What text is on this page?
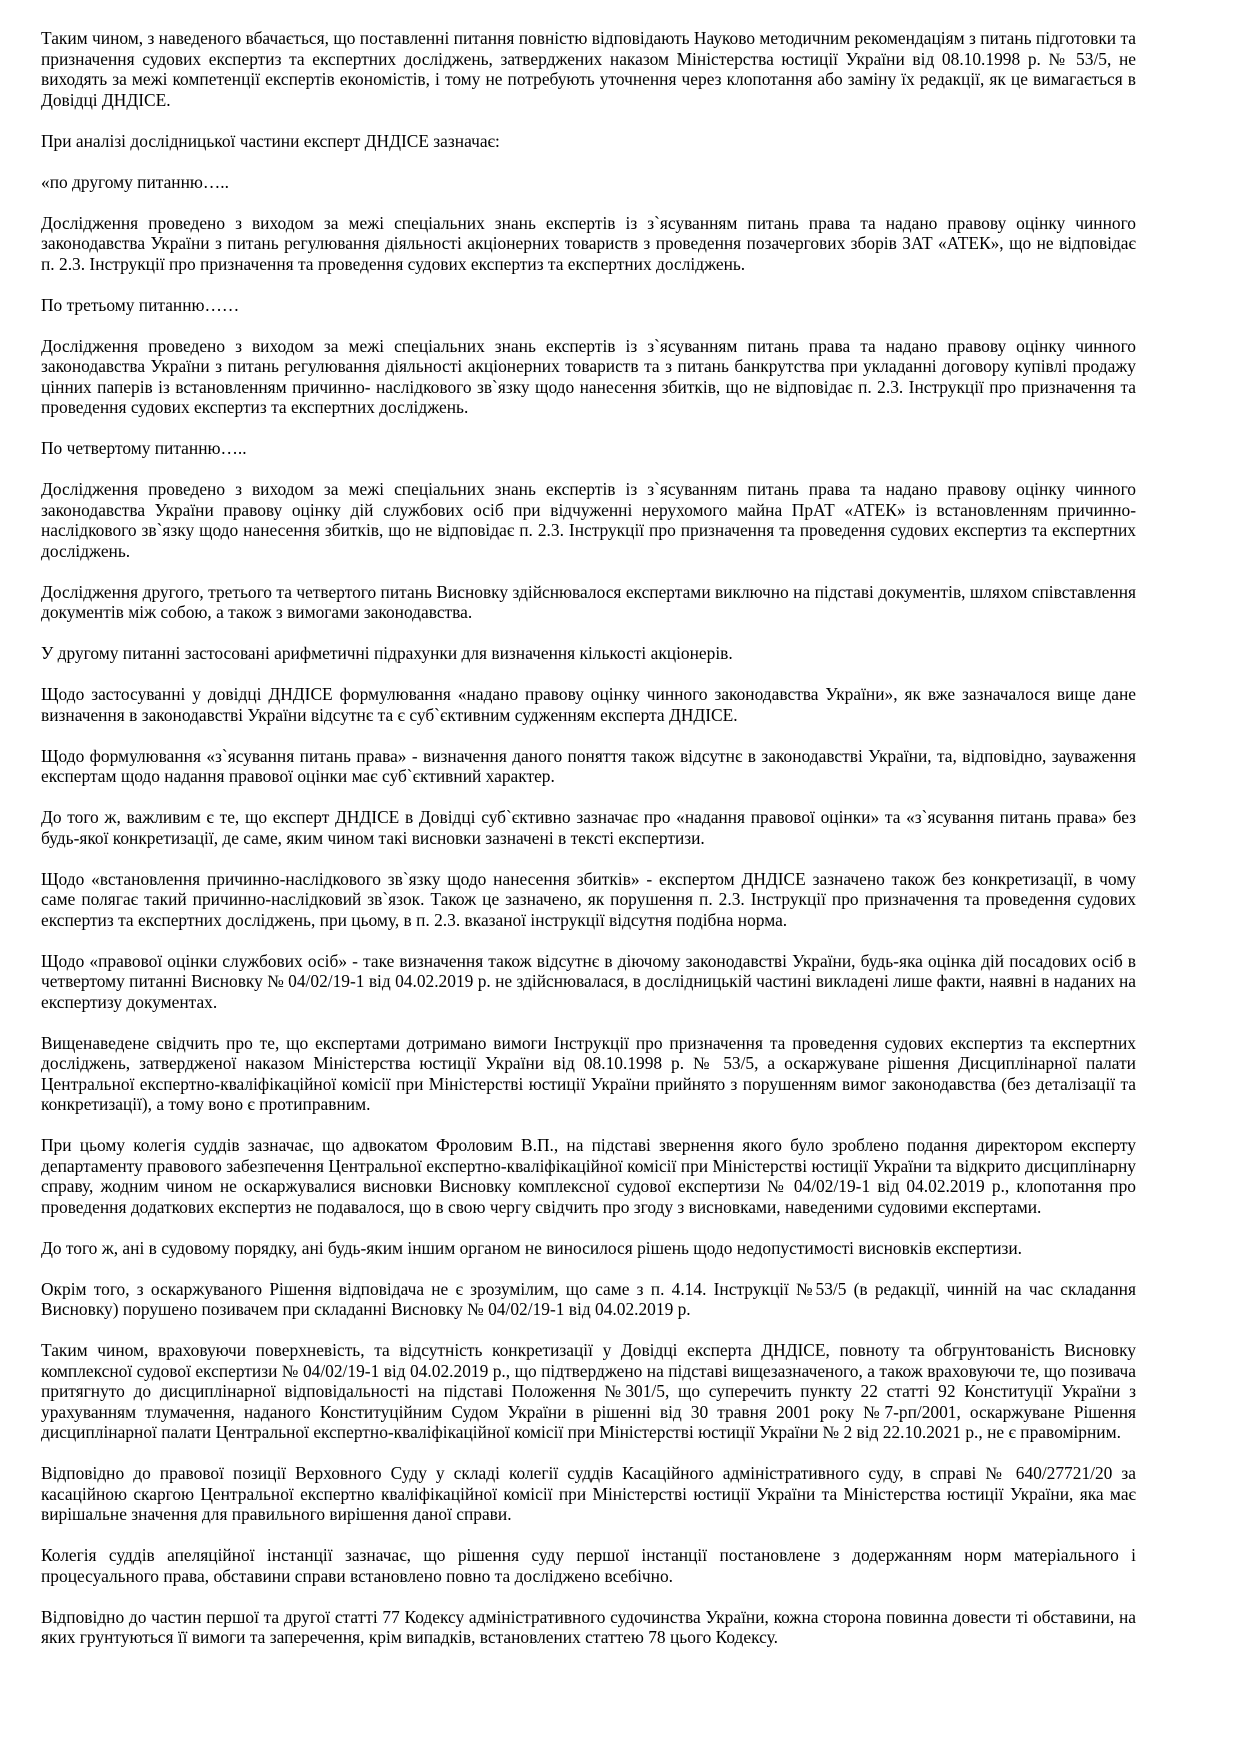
Таким чином, з наведеного вбачається, що поставленні питання повністю відповідають Науково методичним рекомендаціям з питань підготовки та призначення судових експертиз та експертних досліджень, затверджених наказом Міністерства юстиції України від 08.10.1998 р. № 53/5, не виходять за межі компетенції експертів економістів, і тому не потребують уточнення через клопотання або заміну їх редакції, як це вимагається в Довідці ДНДІСЕ.

При аналізі дослідницької частини експерт ДНДІСЕ зазначає:

«по другому питанню…..

Дослідження проведено з виходом за межі спеціальних знань експертів із з`ясуванням питань права та надано правову оцінку чинного законодавства України з питань регулювання діяльності акціонерних товариств з проведення позачергових зборів ЗАТ «АТЕК», що не відповідає п. 2.3. Інструкції про призначення та проведення судових експертиз та експертних досліджень.

По третьому питанню……

Дослідження проведено з виходом за межі спеціальних знань експертів із з`ясуванням питань права та надано правову оцінку чинного законодавства України з питань регулювання діяльності акціонерних товариств та з питань банкрутства при укладанні договору купівлі продажу цінних паперів із встановленням причинно- наслідкового зв`язку щодо нанесення збитків, що не відповідає п. 2.3. Інструкції про призначення та проведення судових експертиз та експертних досліджень.

По четвертому питанню…..

Дослідження проведено з виходом за межі спеціальних знань експертів із з`ясуванням питань права та надано правову оцінку чинного законодавства України правову оцінку дій службових осіб при відчуженні нерухомого майна ПрАТ «АТЕК» із встановленням причинно- наслідкового зв`язку щодо нанесення збитків, що не відповідає п. 2.3. Інструкції про призначення та проведення судових експертиз та експертних досліджень.

Дослідження другого, третього та четвертого питань Висновку здійснювалося експертами виключно на підставі документів, шляхом співставлення документів між собою, а також з вимогами законодавства.

У другому питанні застосовані арифметичні підрахунки для визначення кількості акціонерів.

Щодо застосуванні у довідці ДНДІСЕ формулювання «надано правову оцінку чинного законодавства України», як вже зазначалося вище дане визначення в законодавстві України відсутнє та є суб`єктивним судженням експерта ДНДІСЕ.

Щодо формулювання «з`ясування питань права» - визначення даного поняття також відсутнє в законодавстві України, та, відповідно, зауваження експертам щодо надання правової оцінки має суб`єктивний характер.

До того ж, важливим є те, що експерт ДНДІСЕ в Довідці суб`єктивно зазначає про «надання правової оцінки» та «з`ясування питань права» без будь-якої конкретизації, де саме, яким чином такі висновки зазначені в тексті експертизи.

Щодо «встановлення причинно-наслідкового зв`язку щодо нанесення збитків» - експертом ДНДІСЕ зазначено також без конкретизації, в чому саме полягає такий причинно-наслідковий зв`язок. Також це зазначено, як порушення п. 2.3. Інструкції про призначення та проведення судових експертиз та експертних досліджень, при цьому, в п. 2.3. вказаної інструкції відсутня подібна норма.

Щодо «правової оцінки службових осіб» - таке визначення також відсутнє в діючому законодавстві України, будь-яка оцінка дій посадових осіб в четвертому питанні Висновку № 04/02/19-1 від 04.02.2019 р. не здійснювалася, в дослідницькій частині викладені лише факти, наявні в наданих на експертизу документах.

Вищенаведене свідчить про те, що експертами дотримано вимоги Інструкції про призначення та проведення судових експертиз та експертних досліджень, затвердженої наказом Міністерства юстиції України від 08.10.1998 р. № 53/5, а оскаржуване рішення Дисциплінарної палати Центральної експертно-кваліфікаційної комісії при Міністерстві юстиції України прийнято з порушенням вимог законодавства (без деталізації та конкретизації), а тому воно є протиправним.

При цьому колегія суддів зазначає, що адвокатом Фроловим В.П., на підставі звернення якого було зроблено подання директором експерту департаменту правового забезпечення Центральної експертно-кваліфікаційної комісії при Міністерстві юстиції України та відкрито дисциплінарну справу, жодним чином не оскаржувалися висновки Висновку комплексної судової експертизи № 04/02/19-1 від 04.02.2019 р., клопотання про проведення додаткових експертиз не подавалося, що в свою чергу свідчить про згоду з висновками, наведеними судовими експертами.

До того ж, ані в судовому порядку, ані будь-яким іншим органом не виносилося рішень щодо недопустимості висновків експертизи.

Окрім того, з оскаржуваного Рішення відповідача не є зрозумілим, що саме з п. 4.14. Інструкції №53/5 (в редакції, чинній на час складання Висновку) порушено позивачем при складанні Висновку № 04/02/19-1 від 04.02.2019 р.

Таким чином, враховуючи поверхневість, та відсутність конкретизації у Довідці експерта ДНДІСЕ, повноту та обгрунтованість Висновку комплексної судової експертизи № 04/02/19-1 від 04.02.2019 р., що підтверджено на підставі вищезазначеного, а також враховуючи те, що позивача притягнуто до дисциплінарної відповідальності на підставі Положення №301/5, що суперечить пункту 22 статті 92 Конституції України з урахуванням тлумачення, наданого Конституційним Судом України в рішенні від 30 травня 2001 року №7-рп/2001, оскаржуване Рішення дисциплінарної палати Центральної експертно-кваліфікаційної комісії при Міністерстві юстиції України № 2 від 22.10.2021 р., не є правомірним.

Відповідно до правової позиції Верховного Суду у складі колегії суддів Касаційного адміністративного суду, в справі № 640/27721/20 за касаційною скаргою Центральної експертно кваліфікаційної комісії при Міністерстві юстиції України та Міністерства юстиції України, яка має вирішальне значення для правильного вирішення даної справи.

Колегія суддів апеляційної інстанції зазначає, що рішення суду першої інстанції постановлене з додержанням норм матеріального і процесуального права, обставини справи встановлено повно та досліджено всебічно.

Відповідно до частин першої та другої статті 77 Кодексу адміністративного судочинства України, кожна сторона повинна довести ті обставини, на яких грунтуються її вимоги та заперечення, крім випадків, встановлених статтею 78 цього Кодексу.
